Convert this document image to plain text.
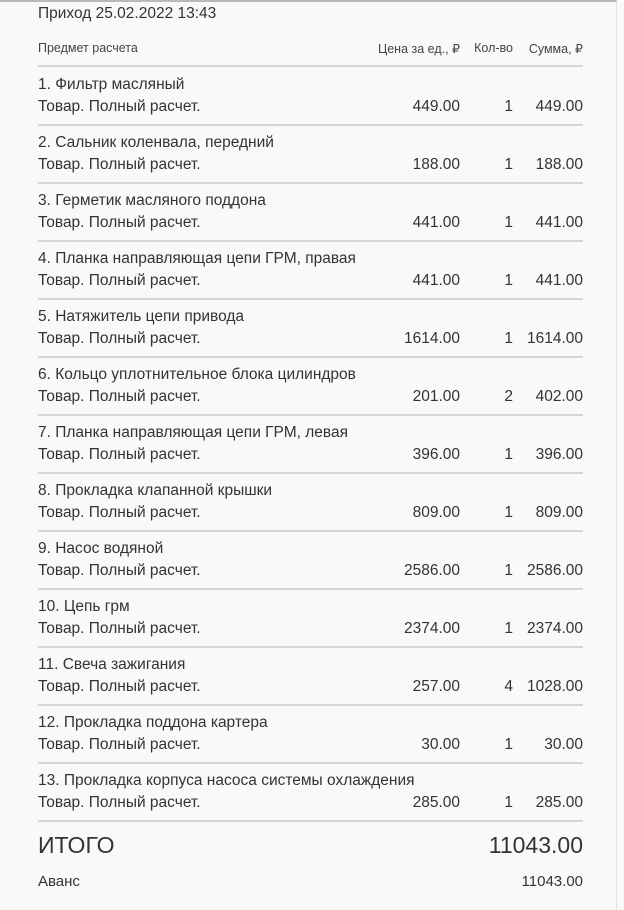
Приход 25.02.2022 13:43
Предмет расчета	Цена за ед., ₽ Кол-во Сумма, ₽
1. Фильтр масляный
Товар. Полный расчет.	449.00	1 449.00
2. Сальник коленвала, передний
Товар. Полный расчет.	188.00	1 188.00
3. Герметик масляного поддона
Товар. Полный расчет.	441.00	1 441.00
4. Планка направляющая цепи ГРМ, правая
Товар. Полный расчет.	441.00	1 441.00
5. Натяжитель цепи привода
Товар. Полный расчет.	1614.00	1 1614.00
6. Кольцо уплотнительное блока цилиндров
Товар. Полный расчет.	201.00	2 402.00
7. Планка направляющая цепи ГРМ, левая
Товар. Полный расчет.	396.00	1 396.00
8. Прокладка клапанной крышки
Товар. Полный расчет.	809.00	1 809.00
9. Насос водяной
Товар. Полный расчет.	2586.00	1 2586.00
10. Цепь грм
Товар. Полный расчет.	2374.00	1 2374.00
11. Свеча зажигания
Товар. Полный расчет.	257.00	4 1028.00
12. Прокладка поддона картера
Товар. Полный расчет.	30.00	1 30.00
13. Прокладка корпуса насоса системы охлаждения
Товар. Полный расчет.	285.00	1 285.00
ИТОГО	11043.00
Аванс	11043.00
